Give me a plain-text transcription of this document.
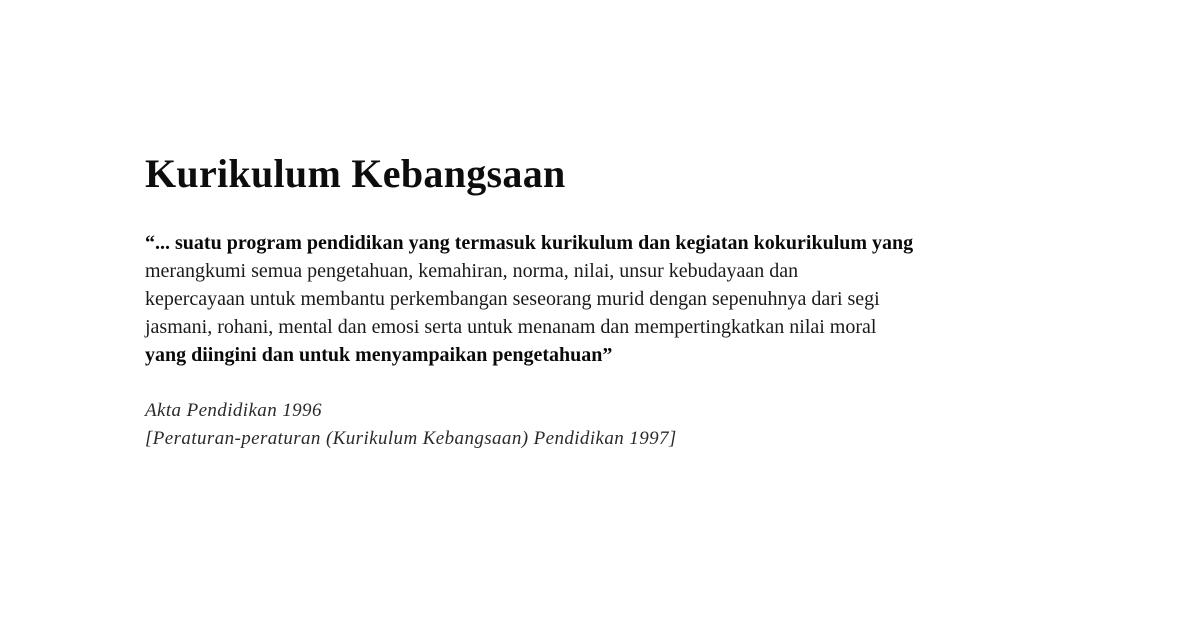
Kurikulum Kebangsaan
“... suatu program pendidikan yang termasuk kurikulum dan kegiatan kokurikulum yang
merangkumi semua pengetahuan, kemahiran, norma, nilai, unsur kebudayaan dan
kepercayaan untuk membantu perkembangan seseorang murid dengan sepenuhnya dari segi
jasmani, rohani, mental dan emosi serta untuk menanam dan mempertingkatkan nilai moral
yang diingini dan untuk menyampaikan pengetahuan”
Akta Pendidikan 1996
[Peraturan-peraturan (Kurikulum Kebangsaan) Pendidikan 1997]
